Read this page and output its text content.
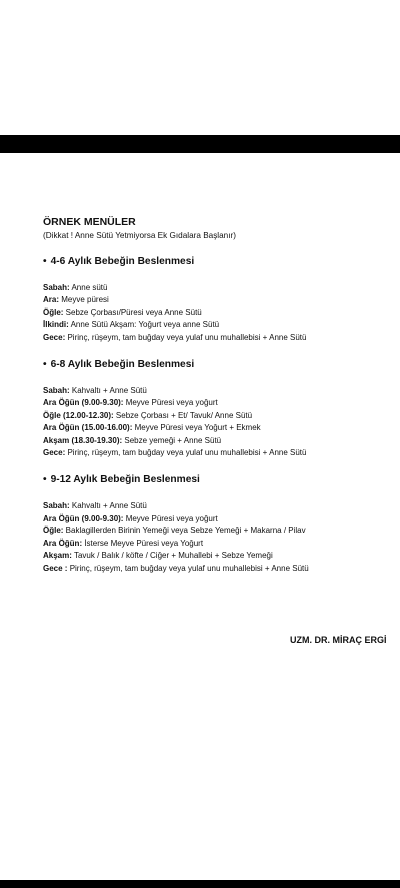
ÖRNEK MENÜLER
(Dikkat ! Anne Sütü Yetmiyorsa Ek Gıdalara Başlanır)
• 4-6 Aylık Bebeğin Beslenmesi
Sabah: Anne sütü
Ara: Meyve püresi
Öğle: Sebze Çorbası/Püresi veya Anne Sütü
İlkindi: Anne Sütü Akşam: Yoğurt veya anne Sütü
Gece: Pirinç, rüşeym, tam buğday veya yulaf unu muhallebisi + Anne Sütü
• 6-8 Aylık Bebeğin Beslenmesi
Sabah: Kahvaltı + Anne Sütü
Ara Öğün (9.00-9.30): Meyve Püresi veya yoğurt
Öğle (12.00-12.30): Sebze Çorbası + Et/ Tavuk/ Anne Sütü
Ara Öğün (15.00-16.00): Meyve Püresi veya Yoğurt + Ekmek
Akşam (18.30-19.30): Sebze yemeği + Anne Sütü
Gece: Pirinç, rüşeym, tam buğday veya yulaf unu muhallebisi + Anne Sütü
• 9-12 Aylık Bebeğin Beslenmesi
Sabah: Kahvaltı + Anne Sütü
Ara Öğün (9.00-9.30): Meyve Püresi veya yoğurt
Öğle: Baklagillerden Birinin Yemeği veya Sebze Yemeği + Makarna / Pilav
Ara Öğün: İsterse Meyve Püresi veya Yoğurt
Akşam: Tavuk / Balık / köfte / Ciğer + Muhallebi + Sebze Yemeği
Gece : Pirinç, rüşeym, tam buğday veya yulaf unu muhallebisi + Anne Sütü
UZM. DR. MİRAÇ ERGİ
